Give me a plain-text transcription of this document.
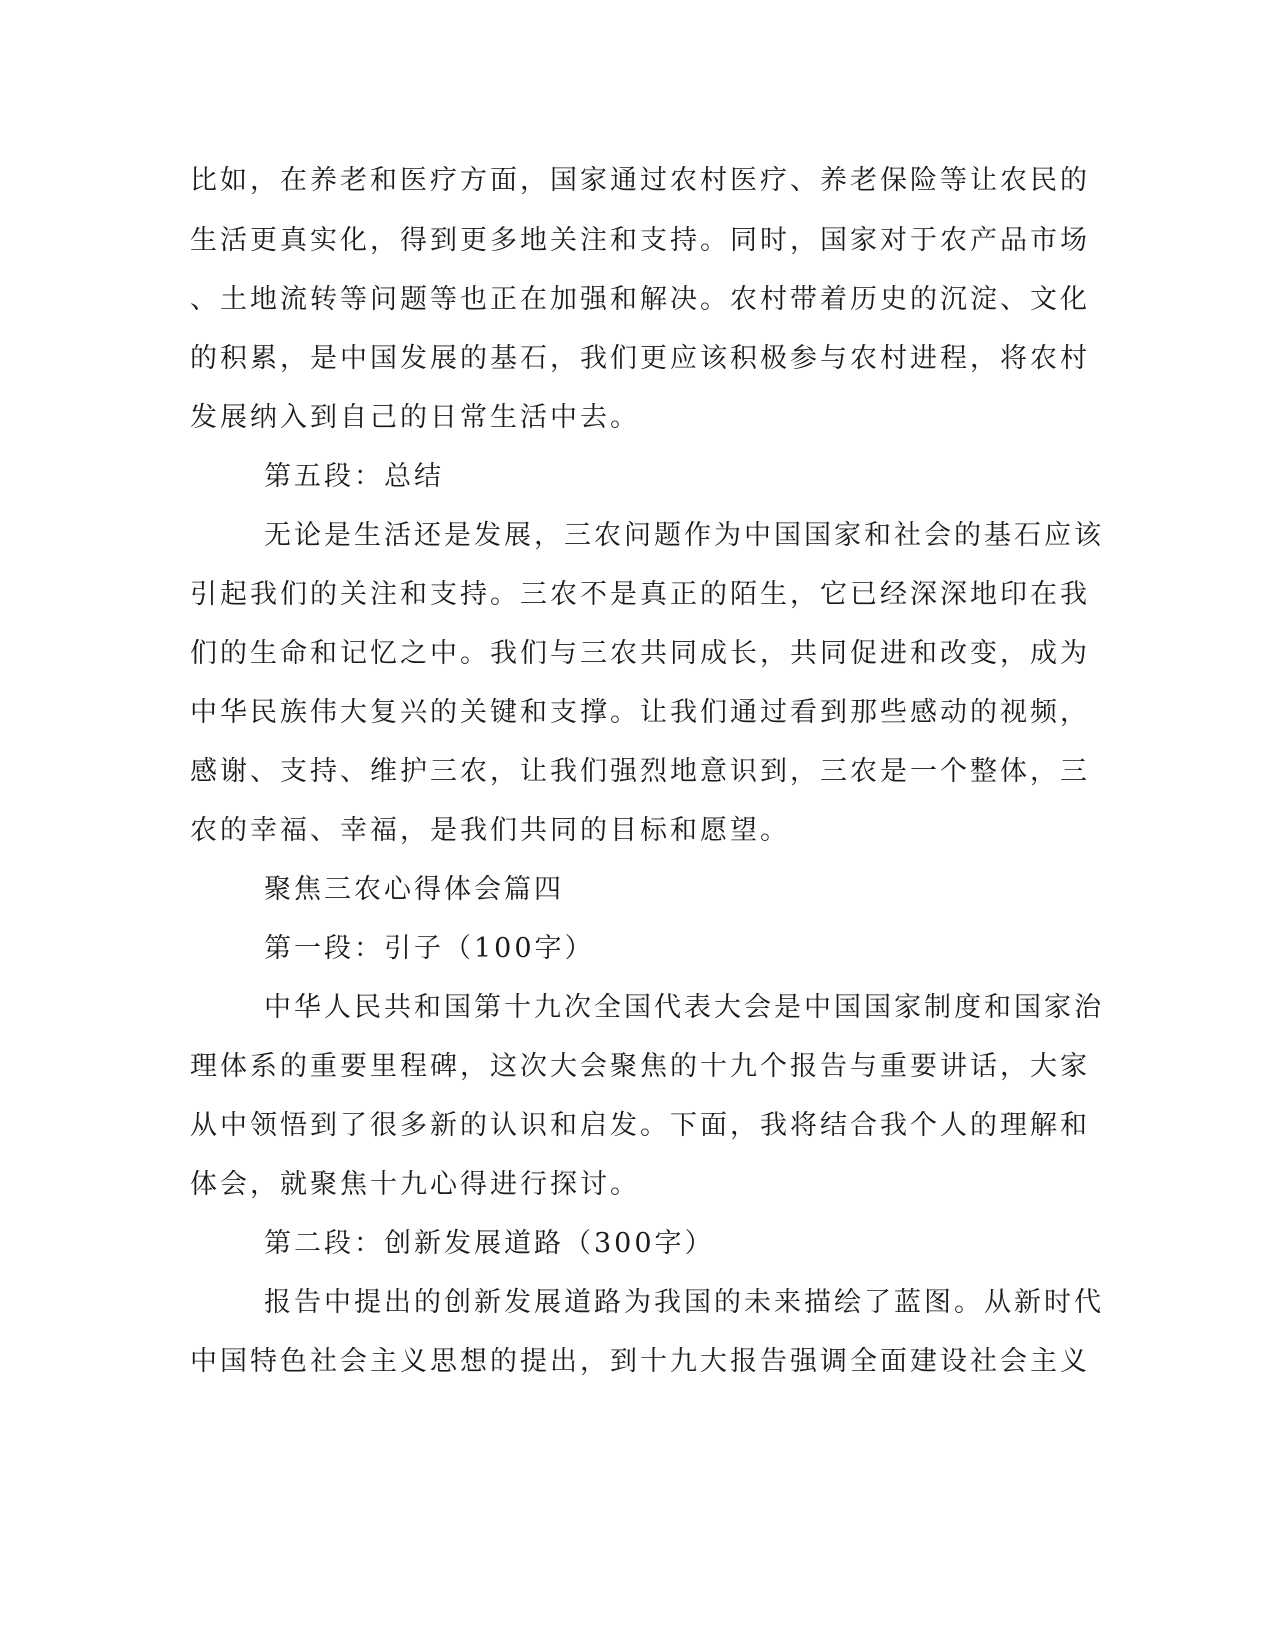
比如，在养老和医疗方面，国家通过农村医疗、养老保险等让农民的
生活更真实化，得到更多地关注和支持。同时，国家对于农产品市场
、土地流转等问题等也正在加强和解决。农村带着历史的沉淀、文化
的积累，是中国发展的基石，我们更应该积极参与农村进程，将农村
发展纳入到自己的日常生活中去。
第五段：总结
无论是生活还是发展，三农问题作为中国国家和社会的基石应该
引起我们的关注和支持。三农不是真正的陌生，它已经深深地印在我
们的生命和记忆之中。我们与三农共同成长，共同促进和改变，成为
中华民族伟大复兴的关键和支撑。让我们通过看到那些感动的视频，
感谢、支持、维护三农，让我们强烈地意识到，三农是一个整体，三
农的幸福、幸福，是我们共同的目标和愿望。
聚焦三农心得体会篇四
第一段：引子（100字）
中华人民共和国第十九次全国代表大会是中国国家制度和国家治
理体系的重要里程碑，这次大会聚焦的十九个报告与重要讲话，大家
从中领悟到了很多新的认识和启发。下面，我将结合我个人的理解和
体会，就聚焦十九心得进行探讨。
第二段：创新发展道路（300字）
报告中提出的创新发展道路为我国的未来描绘了蓝图。从新时代
中国特色社会主义思想的提出，到十九大报告强调全面建设社会主义
